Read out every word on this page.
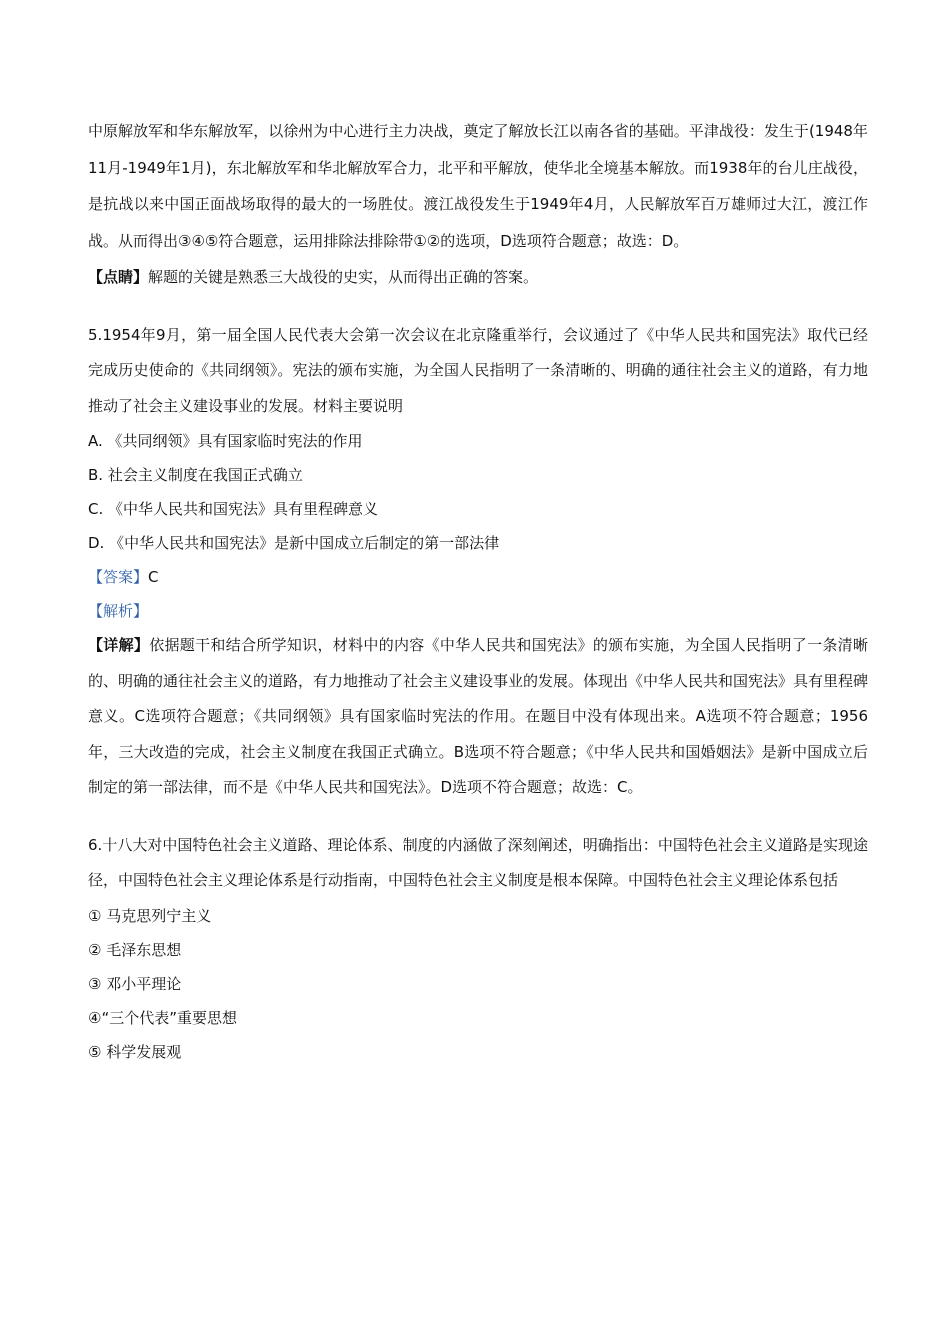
中原解放军和华东解放军，以徐州为中心进行主力决战，奠定了解放长江以南各省的基础。平津战役：发生于(1948年11月-1949年1月)，东北解放军和华北解放军合力，北平和平解放，使华北全境基本解放。而1938年的台儿庄战役，是抗战以来中国正面战场取得的最大的一场胜仗。渡江战役发生于1949年4月，人民解放军百万雄师过大江，渡江作战。从而得出③④⑤符合题意，运用排除法排除带①②的选项，D选项符合题意；故选：D。

【点睛】解题的关键是熟悉三大战役的史实，从而得出正确的答案。

5.1954年9月，第一届全国人民代表大会第一次会议在北京隆重举行，会议通过了《中华人民共和国宪法》取代已经完成历史使命的《共同纲领》。宪法的颁布实施，为全国人民指明了一条清晰的、明确的通往社会主义的道路，有力地推动了社会主义建设事业的发展。材料主要说明

A. 《共同纲领》具有国家临时宪法的作用

B. 社会主义制度在我国正式确立

C. 《中华人民共和国宪法》具有里程碑意义

D. 《中华人民共和国宪法》是新中国成立后制定的第一部法律

【答案】C

【解析】

【详解】依据题干和结合所学知识，材料中的内容《中华人民共和国宪法》的颁布实施，为全国人民指明了一条清晰的、明确的通往社会主义的道路，有力地推动了社会主义建设事业的发展。体现出《中华人民共和国宪法》具有里程碑意义。C选项符合题意；《共同纲领》具有国家临时宪法的作用。在题目中没有体现出来。A选项不符合题意；1956年，三大改造的完成，社会主义制度在我国正式确立。B选项不符合题意；《中华人民共和国婚姻法》是新中国成立后制定的第一部法律，而不是《中华人民共和国宪法》。D选项不符合题意；故选：C。

6.十八大对中国特色社会主义道路、理论体系、制度的内涵做了深刻阐述，明确指出：中国特色社会主义道路是实现途径，中国特色社会主义理论体系是行动指南，中国特色社会主义制度是根本保障。中国特色社会主义理论体系包括

① 马克思列宁主义

② 毛泽东思想

③ 邓小平理论

④“三个代表”重要思想

⑤ 科学发展观
